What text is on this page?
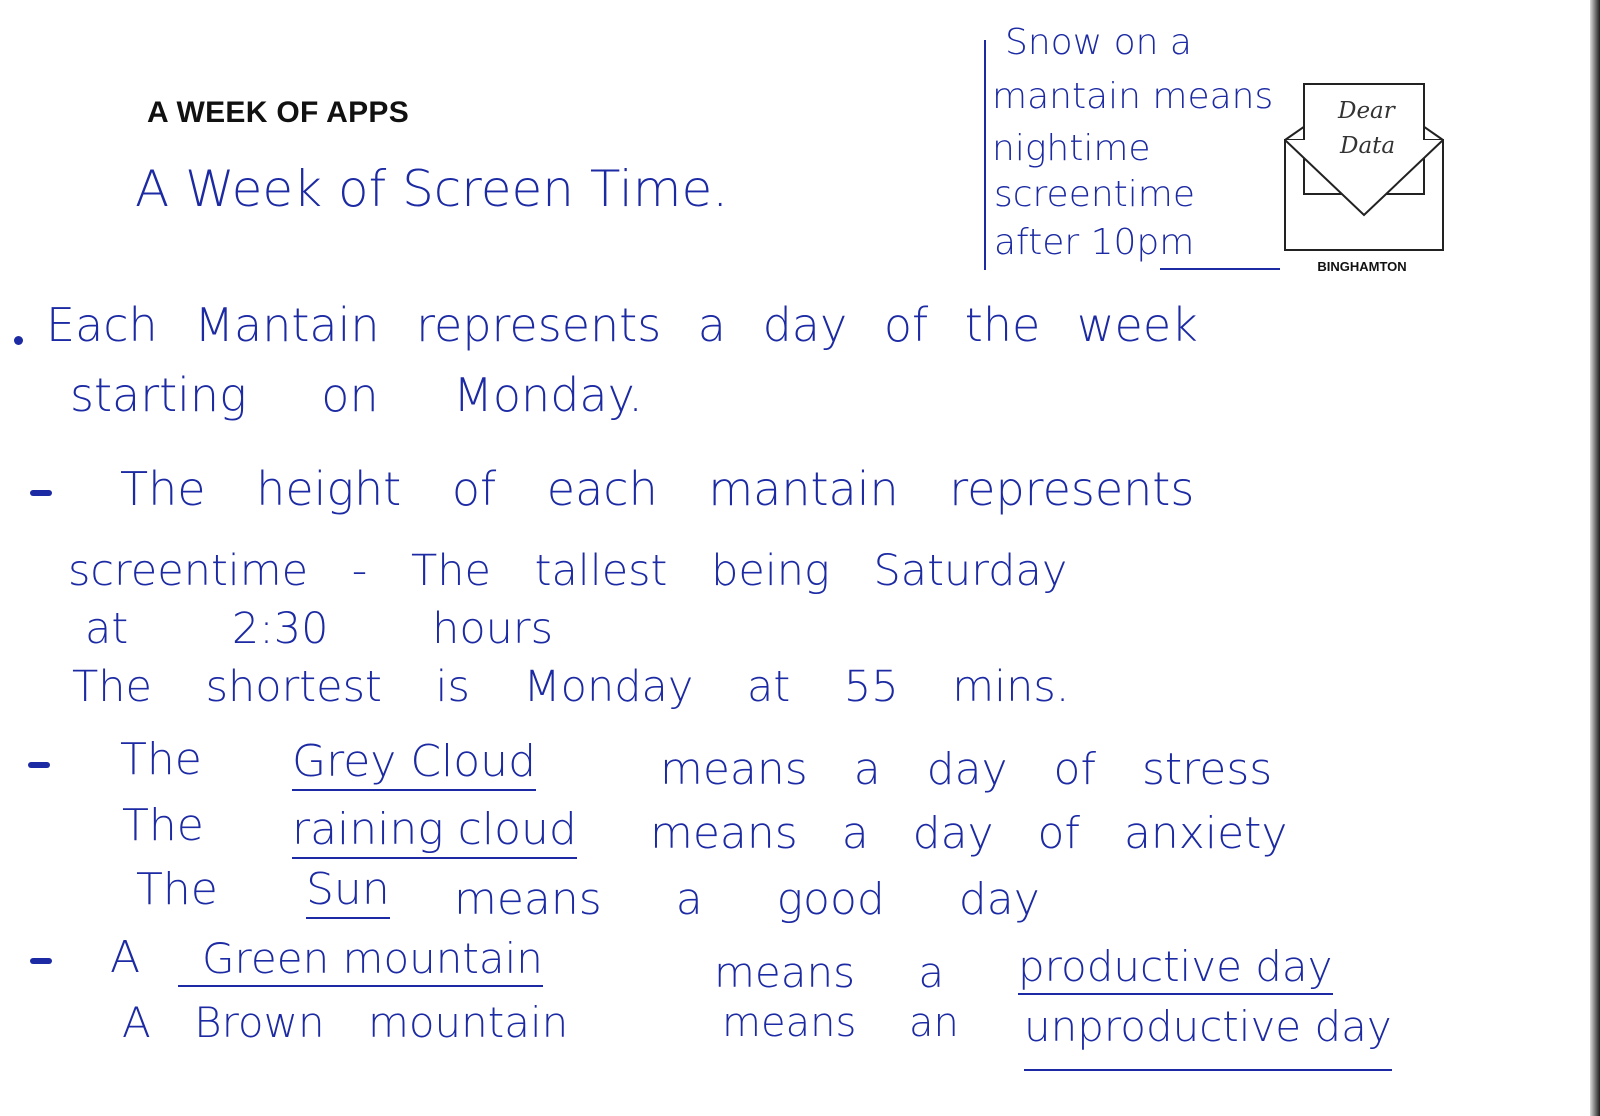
A WEEK OF APPS
A Week of Screen Time.
Snow on a
mantain means
nightime
screentime
after 10pm
Dear
Data
BINGHAMTON
Each Mantain represents a day of the week
starting on Monday.
The height of each mantain represents
screentime - The tallest being Saturday
at 2:30 hours
The shortest is Monday at 55 mins.
The Grey Cloud	means a day of stress
The raining cloud means a day of anxiety
The Sun means a good day
A	Green mountain	means a productive day
A Brown mountain	means an unproductive day
